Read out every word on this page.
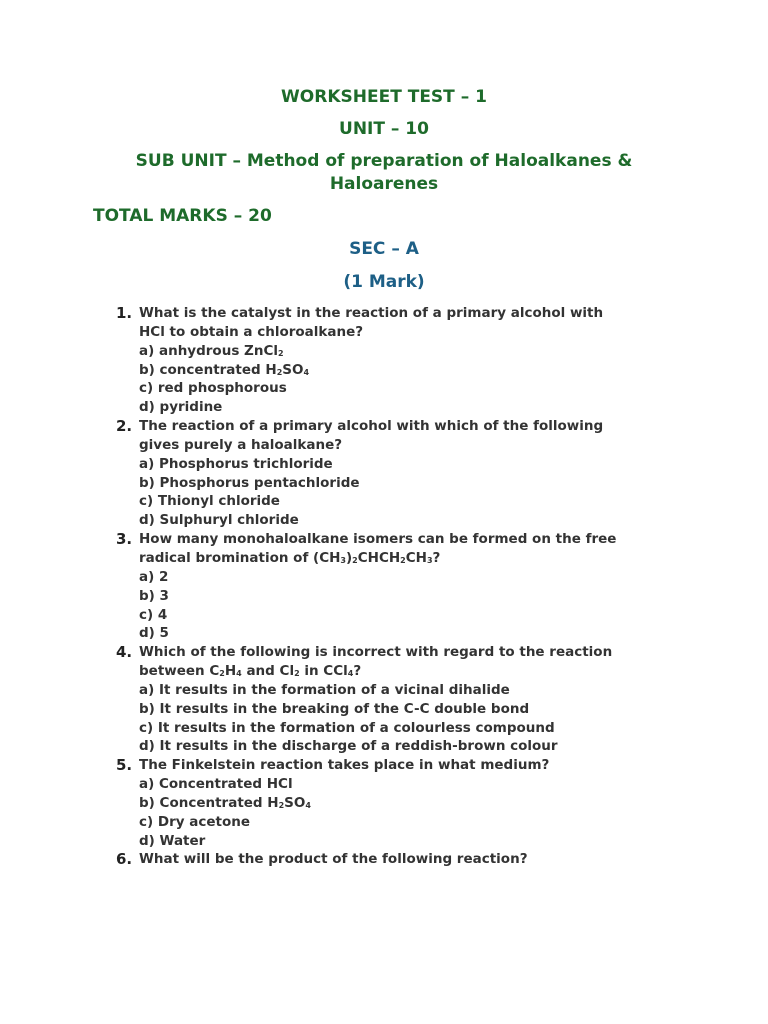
WORKSHEET TEST – 1
UNIT – 10
SUB UNIT – Method of preparation of Haloalkanes &
Haloarenes
TOTAL MARKS – 20
SEC – A
(1 Mark)
1. What is the catalyst in the reaction of a primary alcohol with
HCl to obtain a chloroalkane?
a) anhydrous ZnCl$_2$
b) concentrated $H_2SO_4$
c) red phosphorous
d) pyridine
2. The reaction of a primary alcohol with which of the following
gives purely a haloalkane?
a) Phosphorus trichloride
b) Phosphorus pentachloride
c) Thionyl chloride
d) Sulphuryl chloride
3. How many monohaloalkane isomers can be formed on the free
radical bromination of $(CH_3)_2CHCH_2CH_3$?
a) 2
b) 3
c) 4
d) 5
4. Which of the following is incorrect with regard to the reaction
between $C_2H_4$ and $Cl_2$ in CCl$_4$?
a) It results in the formation of a vicinal dihalide
b) It results in the breaking of the C-C double bond
c) It results in the formation of a colourless compound
d) It results in the discharge of a reddish-brown colour
5. The Finkelstein reaction takes place in what medium?
a) Concentrated HCl
b) Concentrated $H_2SO_4$
c) Dry acetone
d) Water
6. What will be the product of the following reaction?
